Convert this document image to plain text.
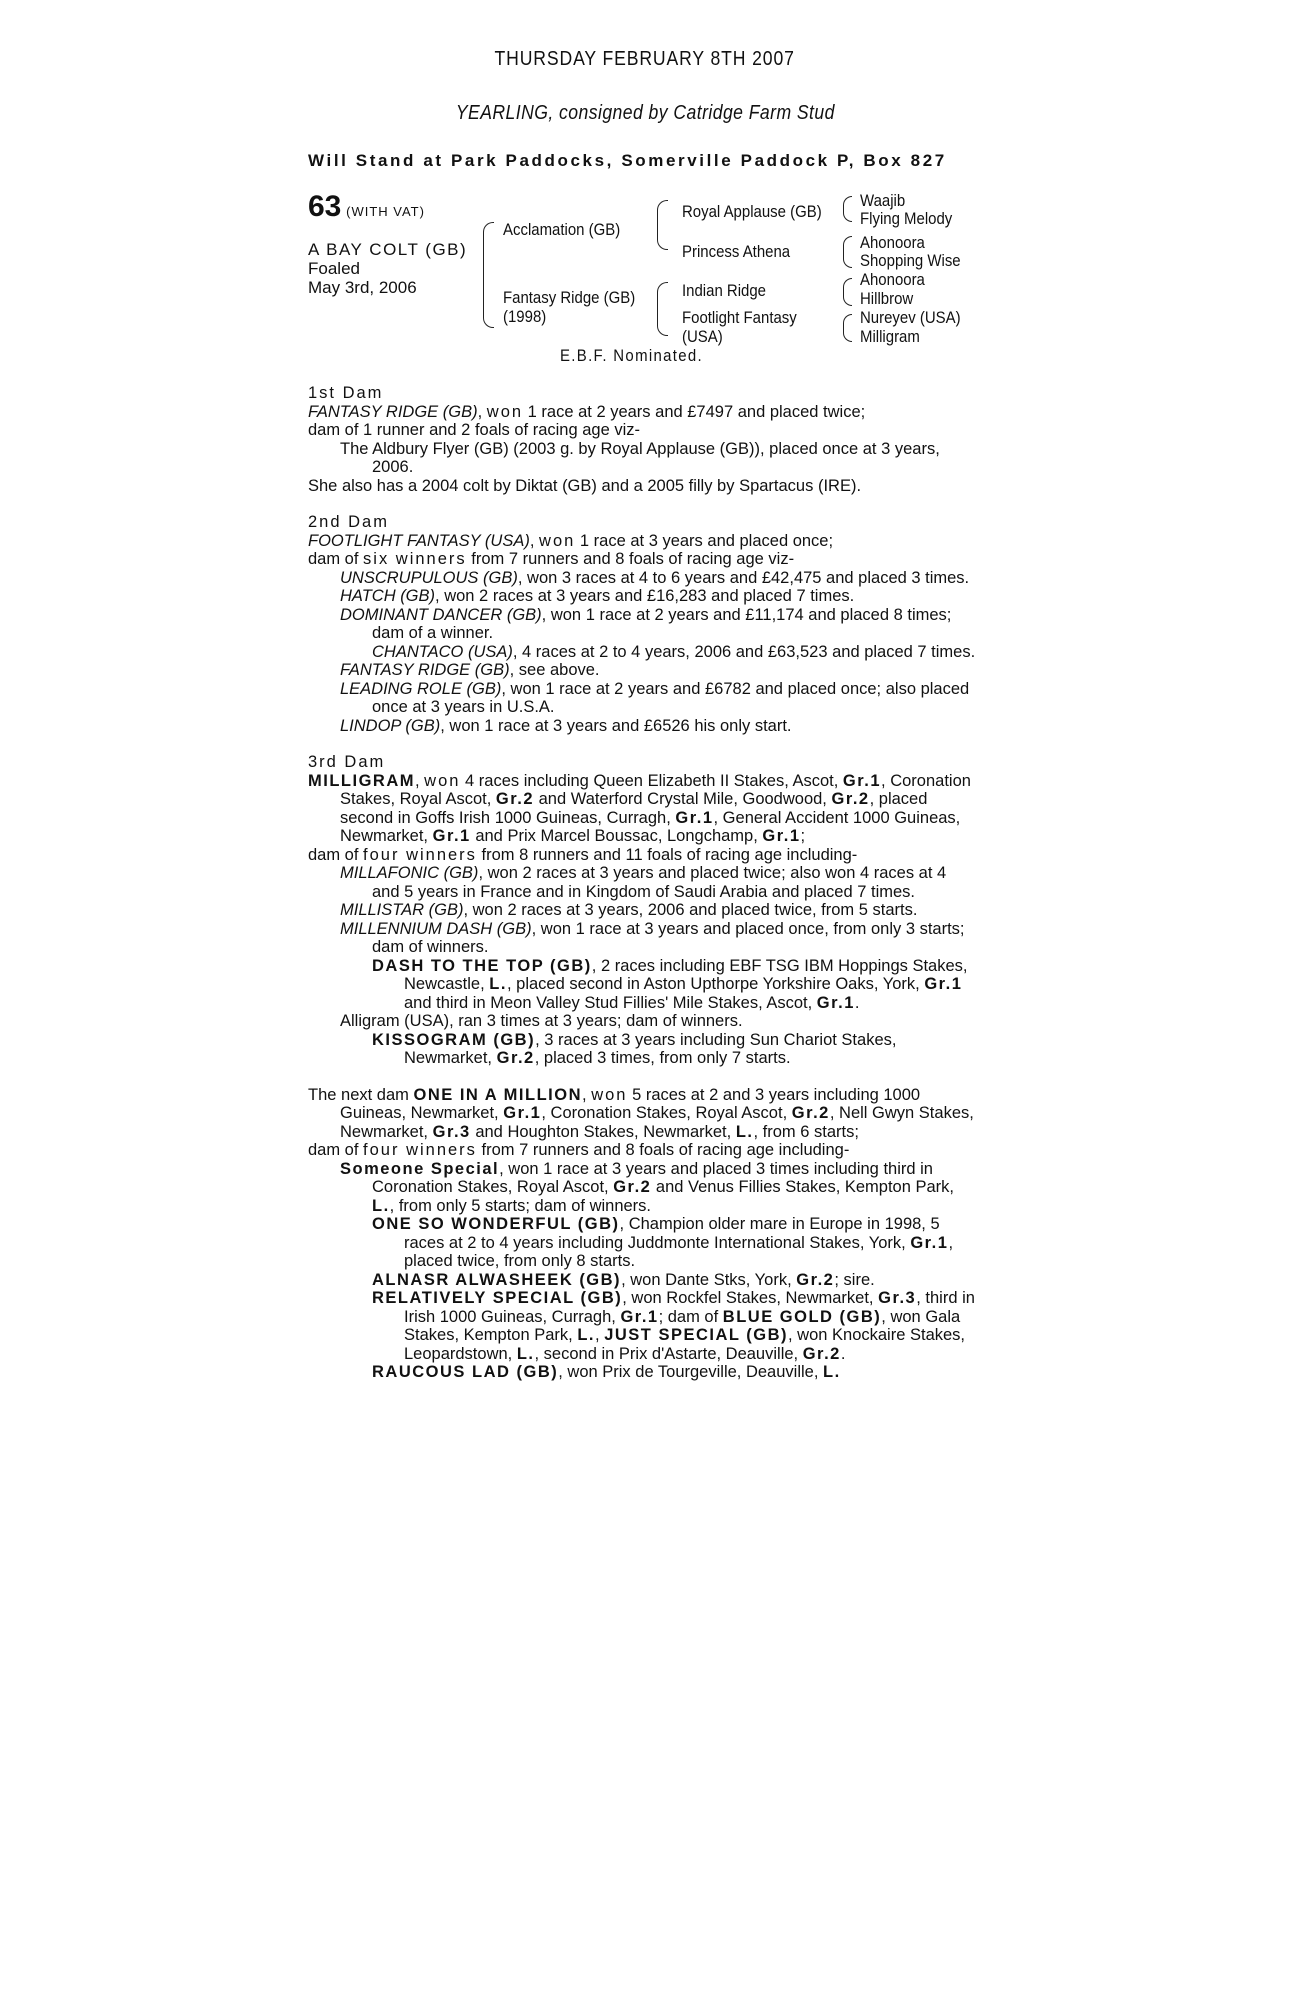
THURSDAY FEBRUARY 8TH 2007
YEARLING, consigned by Catridge Farm Stud
Will Stand at Park Paddocks, Somerville Paddock P, Box 827
63 (WITH VAT)
A BAY COLT (GB)
Foaled
May 3rd, 2006
Acclamation (GB)
Fantasy Ridge (GB)
(1998)
Royal Applause (GB)
Princess Athena
Indian Ridge
Footlight Fantasy
(USA)
Waajib
Flying Melody
Ahonoora
Shopping Wise
Ahonoora
Hillbrow
Nureyev (USA)
Milligram
E.B.F. Nominated.
1st Dam
FANTASY RIDGE (GB), won 1 race at 2 years and £7497 and placed twice;
dam of 1 runner and 2 foals of racing age viz-
The Aldbury Flyer (GB) (2003 g. by Royal Applause (GB)), placed once at 3 years, 2006.
She also has a 2004 colt by Diktat (GB) and a 2005 filly by Spartacus (IRE).
2nd Dam
FOOTLIGHT FANTASY (USA), won 1 race at 3 years and placed once;
dam of six winners from 7 runners and 8 foals of racing age viz-
UNSCRUPULOUS (GB), won 3 races at 4 to 6 years and £42,475 and placed 3 times.
HATCH (GB), won 2 races at 3 years and £16,283 and placed 7 times.
DOMINANT DANCER (GB), won 1 race at 2 years and £11,174 and placed 8 times; dam of a winner.
CHANTACO (USA), 4 races at 2 to 4 years, 2006 and £63,523 and placed 7 times.
FANTASY RIDGE (GB), see above.
LEADING ROLE (GB), won 1 race at 2 years and £6782 and placed once; also placed once at 3 years in U.S.A.
LINDOP (GB), won 1 race at 3 years and £6526 his only start.
3rd Dam
MILLIGRAM, won 4 races including Queen Elizabeth II Stakes, Ascot, Gr.1, Coronation Stakes, Royal Ascot, Gr.2 and Waterford Crystal Mile, Goodwood, Gr.2, placed second in Goffs Irish 1000 Guineas, Curragh, Gr.1, General Accident 1000 Guineas, Newmarket, Gr.1 and Prix Marcel Boussac, Longchamp, Gr.1;
dam of four winners from 8 runners and 11 foals of racing age including-
MILLAFONIC (GB), won 2 races at 3 years and placed twice; also won 4 races at 4 and 5 years in France and in Kingdom of Saudi Arabia and placed 7 times.
MILLISTAR (GB), won 2 races at 3 years, 2006 and placed twice, from 5 starts.
MILLENNIUM DASH (GB), won 1 race at 3 years and placed once, from only 3 starts; dam of winners.
DASH TO THE TOP (GB), 2 races including EBF TSG IBM Hoppings Stakes, Newcastle, L., placed second in Aston Upthorpe Yorkshire Oaks, York, Gr.1 and third in Meon Valley Stud Fillies' Mile Stakes, Ascot, Gr.1.
Alligram (USA), ran 3 times at 3 years; dam of winners.
KISSOGRAM (GB), 3 races at 3 years including Sun Chariot Stakes, Newmarket, Gr.2, placed 3 times, from only 7 starts.
The next dam ONE IN A MILLION, won 5 races at 2 and 3 years including 1000 Guineas, Newmarket, Gr.1, Coronation Stakes, Royal Ascot, Gr.2, Nell Gwyn Stakes, Newmarket, Gr.3 and Houghton Stakes, Newmarket, L., from 6 starts;
dam of four winners from 7 runners and 8 foals of racing age including-
Someone Special, won 1 race at 3 years and placed 3 times including third in Coronation Stakes, Royal Ascot, Gr.2 and Venus Fillies Stakes, Kempton Park, L., from only 5 starts; dam of winners.
ONE SO WONDERFUL (GB), Champion older mare in Europe in 1998, 5 races at 2 to 4 years including Juddmonte International Stakes, York, Gr.1, placed twice, from only 8 starts.
ALNASR ALWASHEEK (GB), won Dante Stks, York, Gr.2; sire.
RELATIVELY SPECIAL (GB), won Rockfel Stakes, Newmarket, Gr.3, third in Irish 1000 Guineas, Curragh, Gr.1; dam of BLUE GOLD (GB), won Gala Stakes, Kempton Park, L., JUST SPECIAL (GB), won Knockaire Stakes, Leopardstown, L., second in Prix d'Astarte, Deauville, Gr.2.
RAUCOUS LAD (GB), won Prix de Tourgeville, Deauville, L.
